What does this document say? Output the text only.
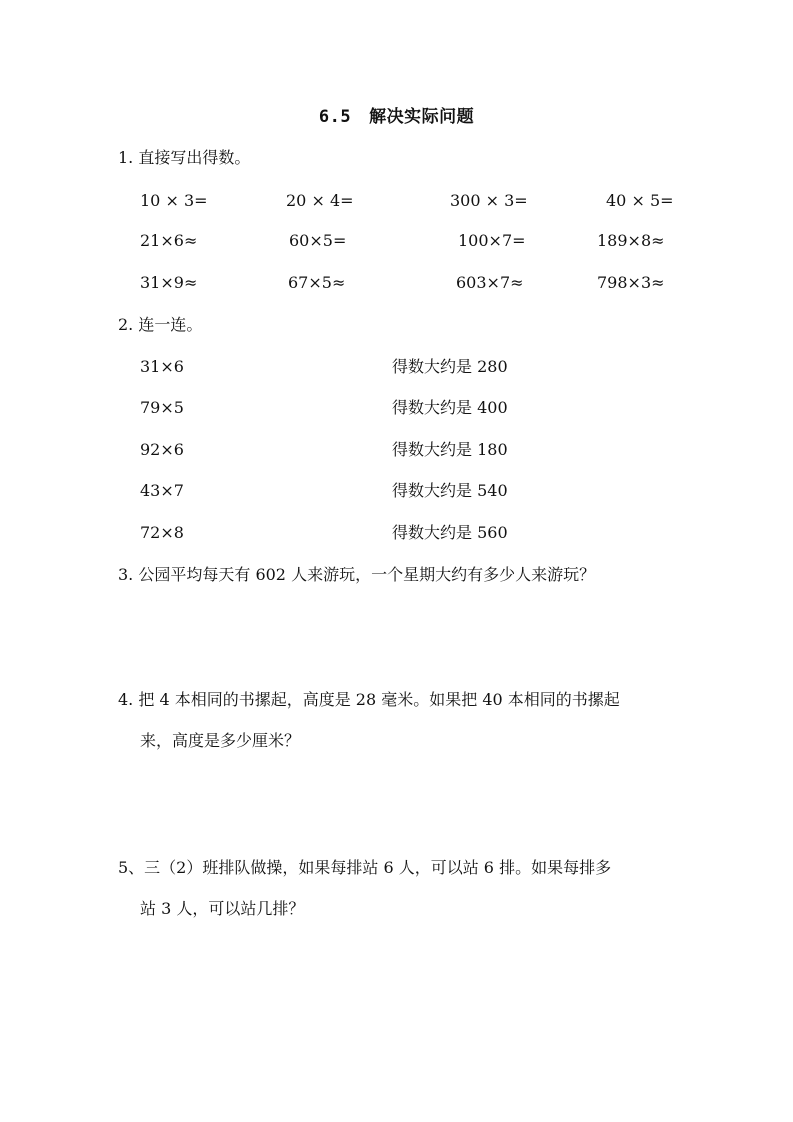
6.5 解决实际问题
1. 直接写出得数。
10 × 3=	20 × 4=	300 × 3=	40 × 5=
21×6≈	60×5=	100×7=	189×8≈
31×9≈	67×5≈	603×7≈	798×3≈
2. 连一连。
31×6	得数大约是 280
79×5	得数大约是 400
92×6	得数大约是 180
43×7	得数大约是 540
72×8	得数大约是 560
3. 公园平均每天有 602 人来游玩，一个星期大约有多少人来游玩？
4. 把 4 本相同的书摞起，高度是 28 毫米。如果把 40 本相同的书摞起
来，高度是多少厘米？
5、三（2）班排队做操，如果每排站 6 人，可以站 6 排。如果每排多
站 3 人，可以站几排？
